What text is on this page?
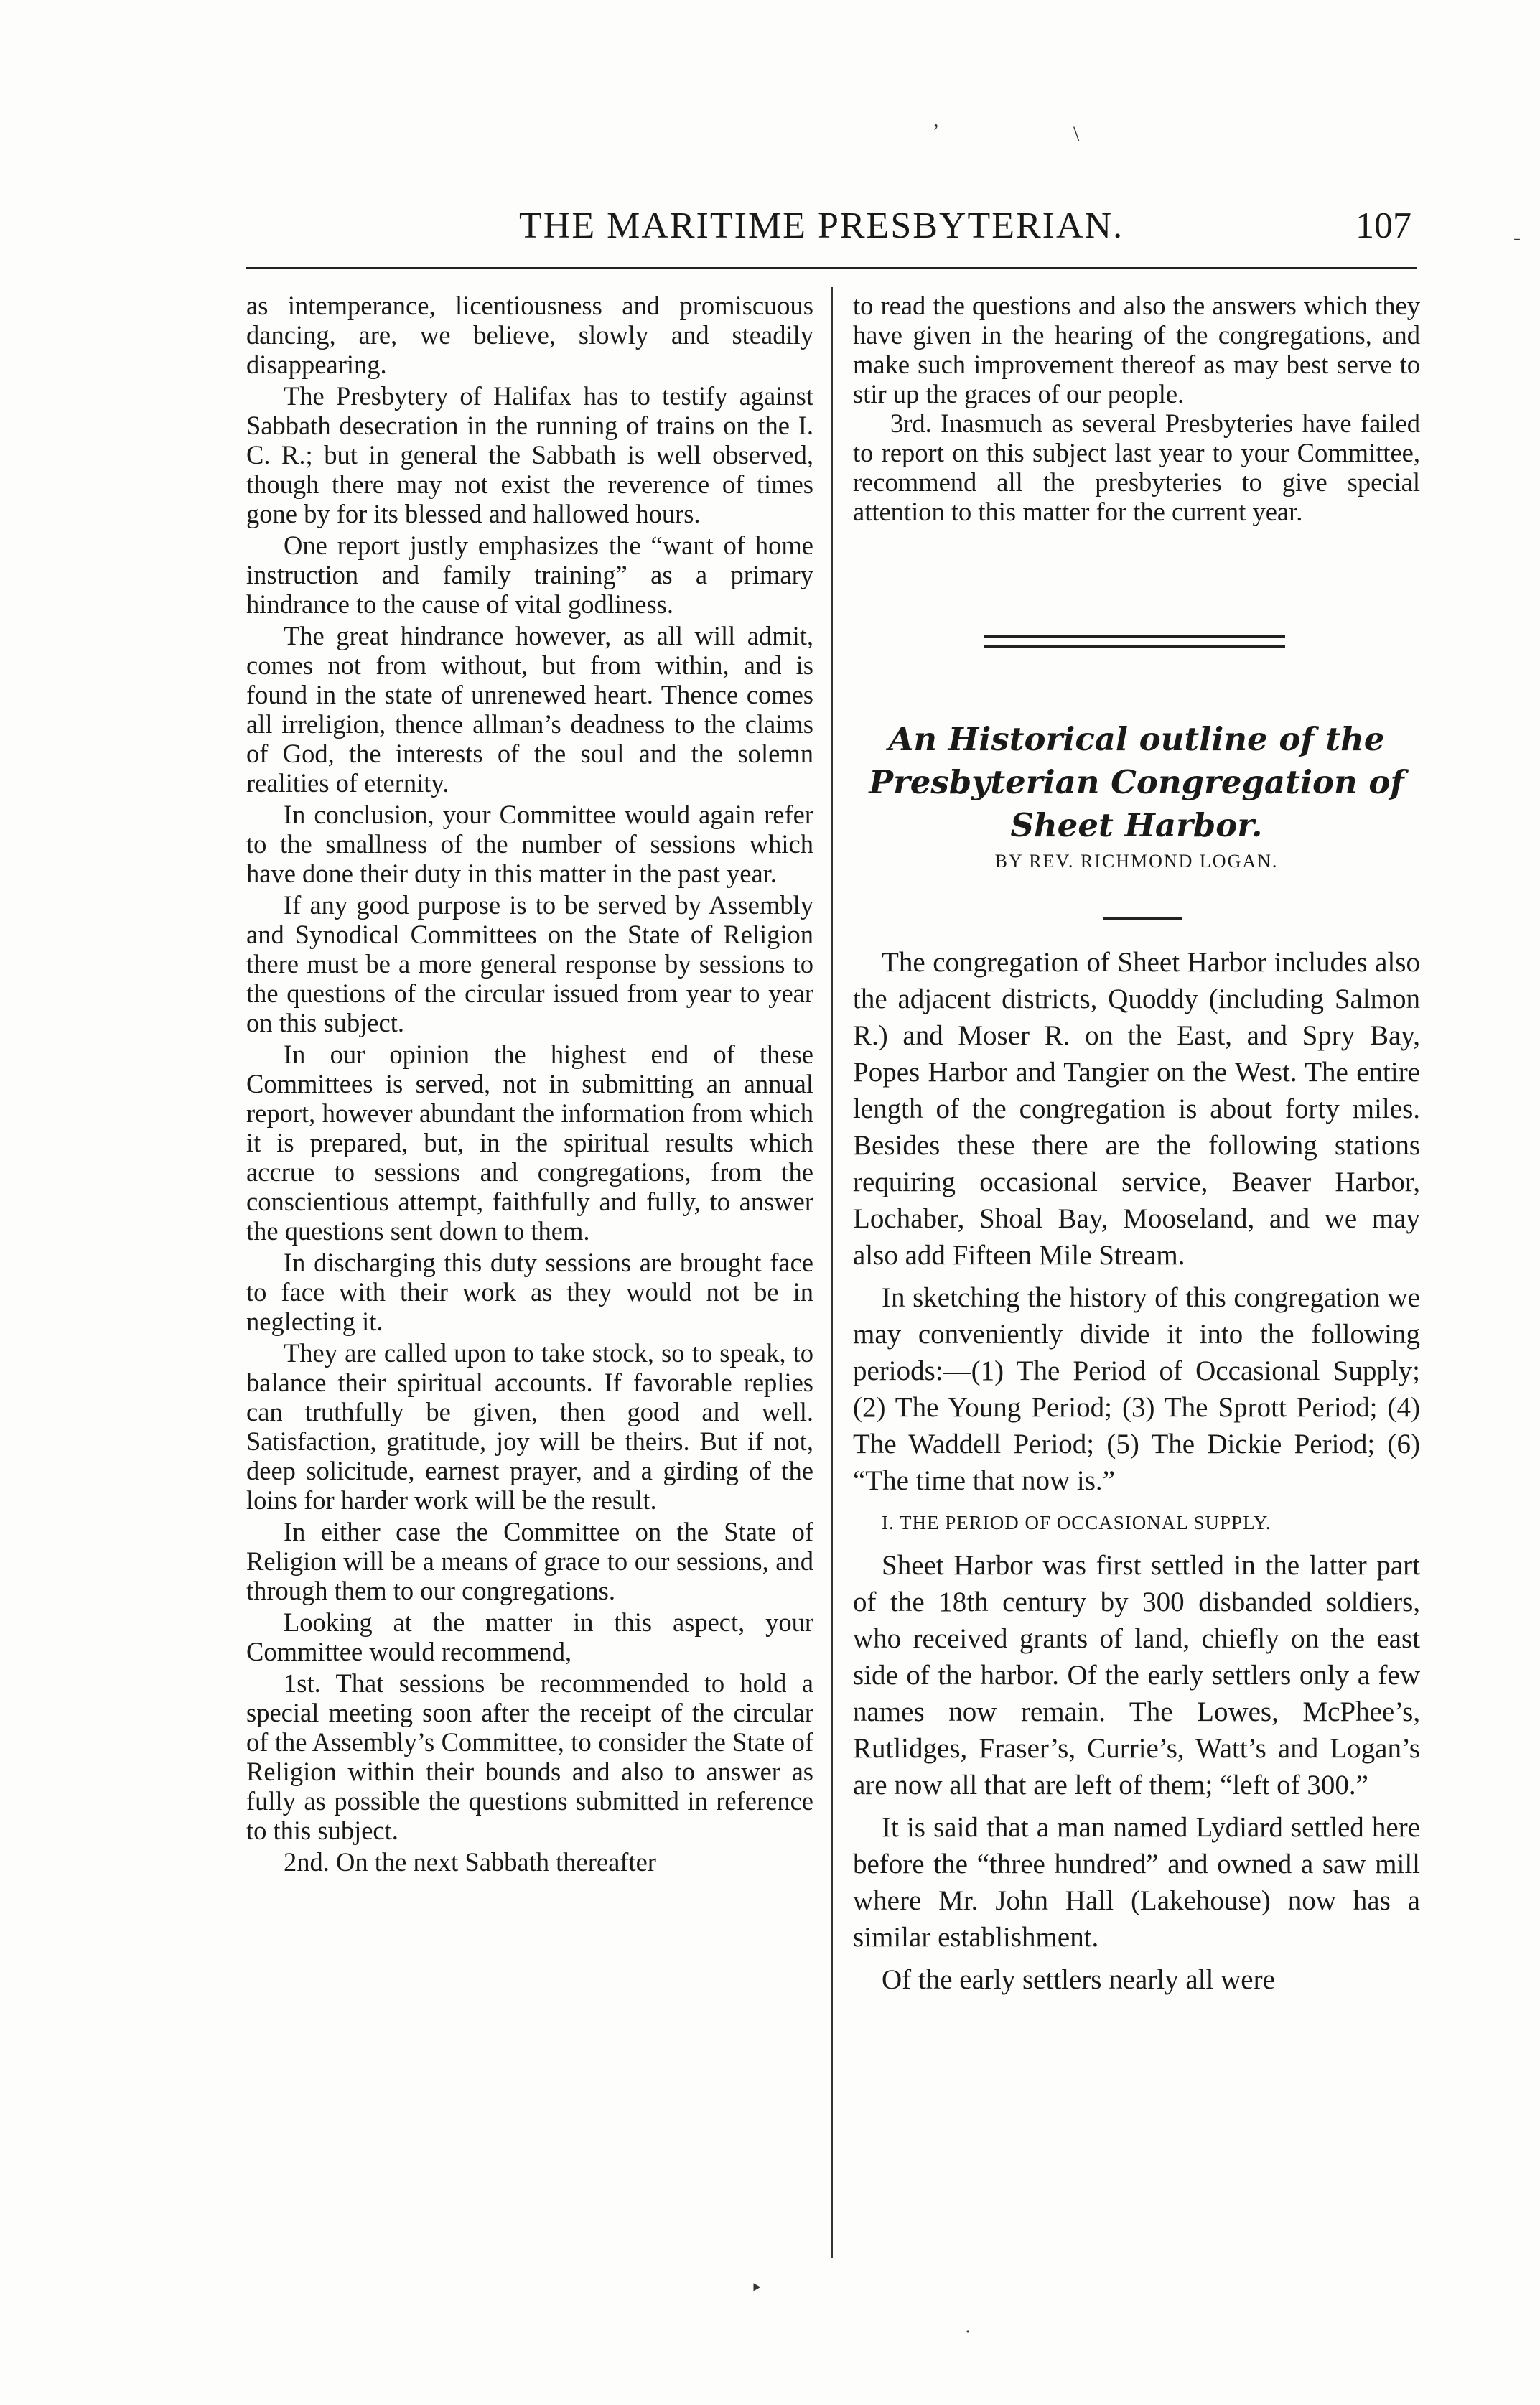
THE MARITIME PRESBYTERIAN.	107

as intemperance, licentiousness and promiscuous dancing, are, we believe, slowly and steadily disappearing.

The Presbytery of Halifax has to testify against Sabbath desecration in the running of trains on the I. C. R.; but in general the Sabbath is well observed, though there may not exist the reverence of times gone by for its blessed and hallowed hours.

One report justly emphasizes the “want of home instruction and family training” as a primary hindrance to the cause of vital godliness.

The great hindrance however, as all will admit, comes not from without, but from within, and is found in the state of unrenewed heart. Thence comes all irreligion, thence allman’s deadness to the claims of God, the interests of the soul and the solemn realities of eternity.

In conclusion, your Committee would again refer to the smallness of the number of sessions which have done their duty in this matter in the past year.

If any good purpose is to be served by Assembly and Synodical Committees on the State of Religion there must be a more general response by sessions to the questions of the circular issued from year to year on this subject.

In our opinion the highest end of these Committees is served, not in submitting an annual report, however abundant the information from which it is prepared, but, in the spiritual results which accrue to sessions and congregations, from the conscientious attempt, faithfully and fully, to answer the questions sent down to them.

In discharging this duty sessions are brought face to face with their work as they would not be in neglecting it.

They are called upon to take stock, so to speak, to balance their spiritual accounts. If favorable replies can truthfully be given, then good and well. Satisfaction, gratitude, joy will be theirs. But if not, deep solicitude, earnest prayer, and a girding of the loins for harder work will be the result.

In either case the Committee on the State of Religion will be a means of grace to our sessions, and through them to our congregations.

Looking at the matter in this aspect, your Committee would recommend,

1st. That sessions be recommended to hold a special meeting soon after the receipt of the circular of the Assembly’s Committee, to consider the State of Religion within their bounds and also to answer as fully as possible the questions submitted in reference to this subject.

2nd. On the next Sabbath thereafter

to read the questions and also the answers which they have given in the hearing of the congregations, and make such improvement thereof as may best serve to stir up the graces of our people.

3rd. Inasmuch as several Presbyteries have failed to report on this subject last year to your Committee, recommend all the presbyteries to give special attention to this matter for the current year.

An Historical outline of the Presbyterian Congregation of Sheet Harbor.
BY REV. RICHMOND LOGAN.

The congregation of Sheet Harbor includes also the adjacent districts, Quoddy (including Salmon R.) and Moser R. on the East, and Spry Bay, Popes Harbor and Tangier on the West. The entire length of the congregation is about forty miles. Besides these there are the following stations requiring occasional service, Beaver Harbor, Lochaber, Shoal Bay, Mooseland, and we may also add Fifteen Mile Stream.

In sketching the history of this congregation we may conveniently divide it into the following periods:—(1) The Period of Occasional Supply; (2) The Young Period; (3) The Sprott Period; (4) The Waddell Period; (5) The Dickie Period; (6) “The time that now is.”

I. THE PERIOD OF OCCASIONAL SUPPLY.

Sheet Harbor was first settled in the latter part of the 18th century by 300 disbanded soldiers, who received grants of land, chiefly on the east side of the harbor. Of the early settlers only a few names now remain. The Lowes, McPhee’s, Rutlidges, Fraser’s, Currie’s, Watt’s and Logan’s are now all that are left of them; “left of 300.”

It is said that a man named Lydiard settled here before the “three hundred” and owned a saw mill where Mr. John Hall (Lakehouse) now has a similar establishment.

Of the early settlers nearly all were

\
,
-
‣
˙
